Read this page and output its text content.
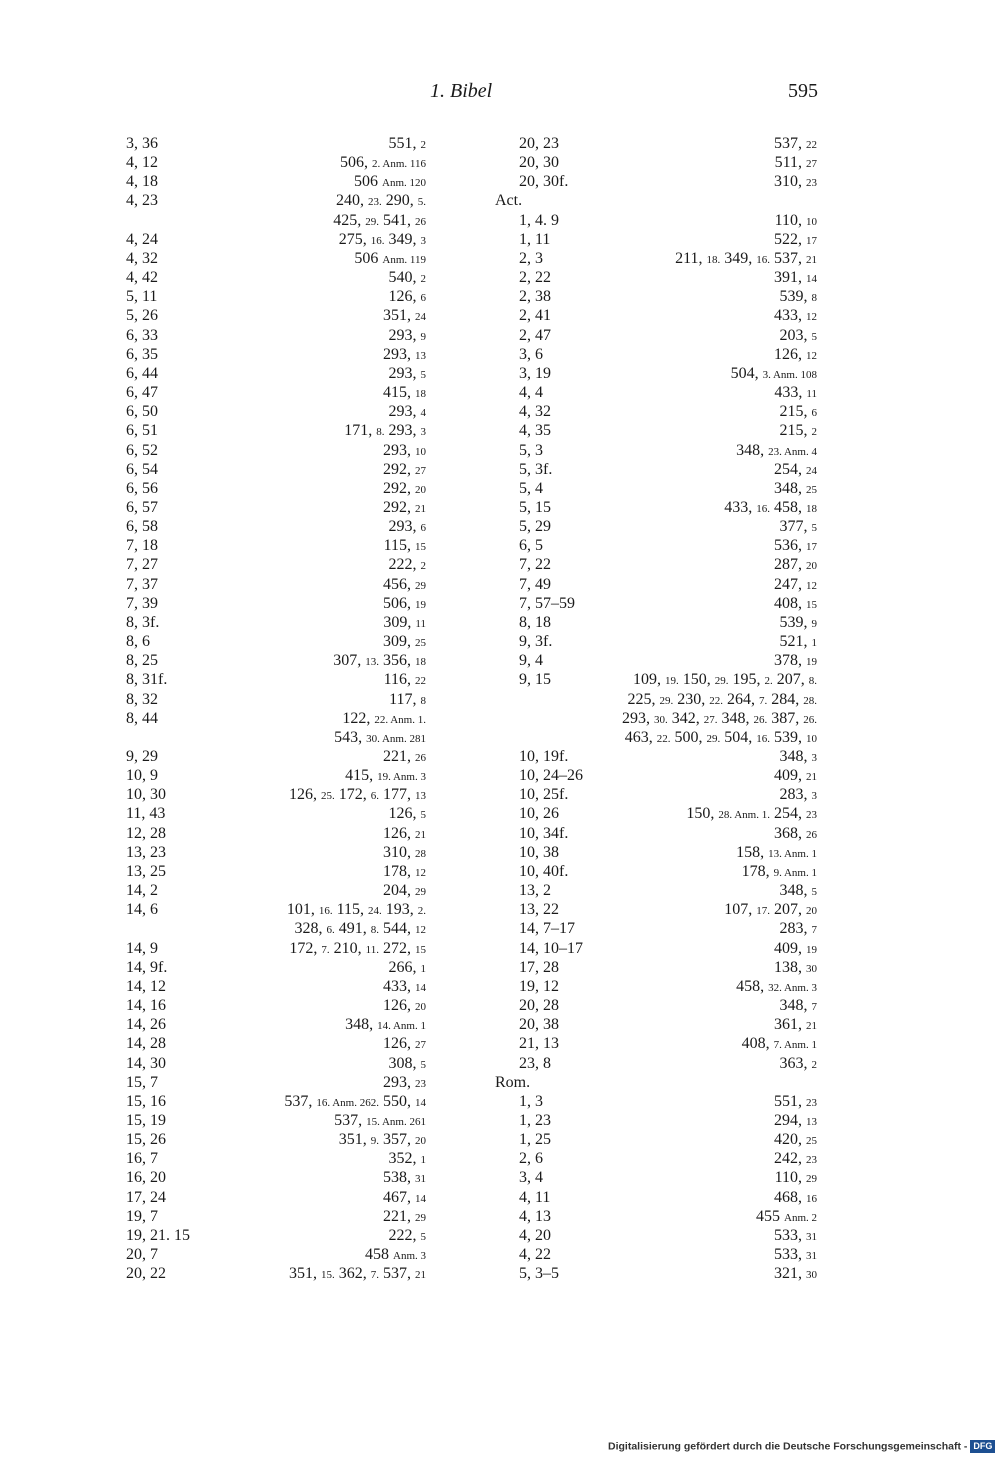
1. Bibel	595
3, 36	551, 2
4, 12	506, 2. Anm. 116
4, 18	506 Anm. 120
4, 23	240, 23. 290, 5.
425, 29. 541, 26
4, 24	275, 16. 349, 3
4, 32	506 Anm. 119
4, 42	540, 2
5, 11	126, 6
5, 26	351, 24
6, 33	293, 9
6, 35	293, 13
6, 44	293, 5
6, 47	415, 18
6, 50	293, 4
6, 51	171, 8. 293, 3
6, 52	293, 10
6, 54	292, 27
6, 56	292, 20
6, 57	292, 21
6, 58	293, 6
7, 18	115, 15
7, 27	222, 2
7, 37	456, 29
7, 39	506, 19
8, 3f.	309, 11
8, 6	309, 25
8, 25	307, 13. 356, 18
8, 31f.	116, 22
8, 32	117, 8
8, 44	122, 22. Anm. 1.
543, 30. Anm. 281
9, 29	221, 26
10, 9	415, 19. Anm. 3
10, 30	126, 25. 172, 6. 177, 13
11, 43	126, 5
12, 28	126, 21
13, 23	310, 28
13, 25	178, 12
14, 2	204, 29
14, 6	101, 16. 115, 24. 193, 2.
328, 6. 491, 8. 544, 12
14, 9	172, 7. 210, 11. 272, 15
14, 9f.	266, 1
14, 12	433, 14
14, 16	126, 20
14, 26	348, 14. Anm. 1
14, 28	126, 27
14, 30	308, 5
15, 7	293, 23
15, 16	537, 16. Anm. 262. 550, 14
15, 19	537, 15. Anm. 261
15, 26	351, 9. 357, 20
16, 7	352, 1
16, 20	538, 31
17, 24	467, 14
19, 7	221, 29
19, 21. 15	222, 5
20, 7	458 Anm. 3
20, 22	351, 15. 362, 7. 537, 21
20, 23	537, 22
20, 30	511, 27
20, 30f.	310, 23
Act.
1, 4. 9	110, 10
1, 11	522, 17
2, 3	211, 18. 349, 16. 537, 21
2, 22	391, 14
2, 38	539, 8
2, 41	433, 12
2, 47	203, 5
3, 6	126, 12
3, 19	504, 3. Anm. 108
4, 4	433, 11
4, 32	215, 6
4, 35	215, 2
5, 3	348, 23. Anm. 4
5, 3f.	254, 24
5, 4	348, 25
5, 15	433, 16. 458, 18
5, 29	377, 5
6, 5	536, 17
7, 22	287, 20
7, 49	247, 12
7, 57–59	408, 15
8, 18	539, 9
9, 3f.	521, 1
9, 4	378, 19
9, 15	109, 19. 150, 29. 195, 2. 207, 8.
225, 29. 230, 22. 264, 7. 284, 28.
293, 30. 342, 27. 348, 26. 387, 26.
463, 22. 500, 29. 504, 16. 539, 10
10, 19f.	348, 3
10, 24–26	409, 21
10, 25f.	283, 3
10, 26	150, 28. Anm. 1. 254, 23
10, 34f.	368, 26
10, 38	158, 13. Anm. 1
10, 40f.	178, 9. Anm. 1
13, 2	348, 5
13, 22	107, 17. 207, 20
14, 7–17	283, 7
14, 10–17	409, 19
17, 28	138, 30
19, 12	458, 32. Anm. 3
20, 28	348, 7
20, 38	361, 21
21, 13	408, 7. Anm. 1
23, 8	363, 2
Rom.
1, 3	551, 23
1, 23	294, 13
1, 25	420, 25
2, 6	242, 23
3, 4	110, 29
4, 11	468, 16
4, 13	455 Anm. 2
4, 20	533, 31
4, 22	533, 31
5, 3–5	321, 30
Digitalisierung gefördert durch die Deutsche Forschungsgemeinschaft - DFG
